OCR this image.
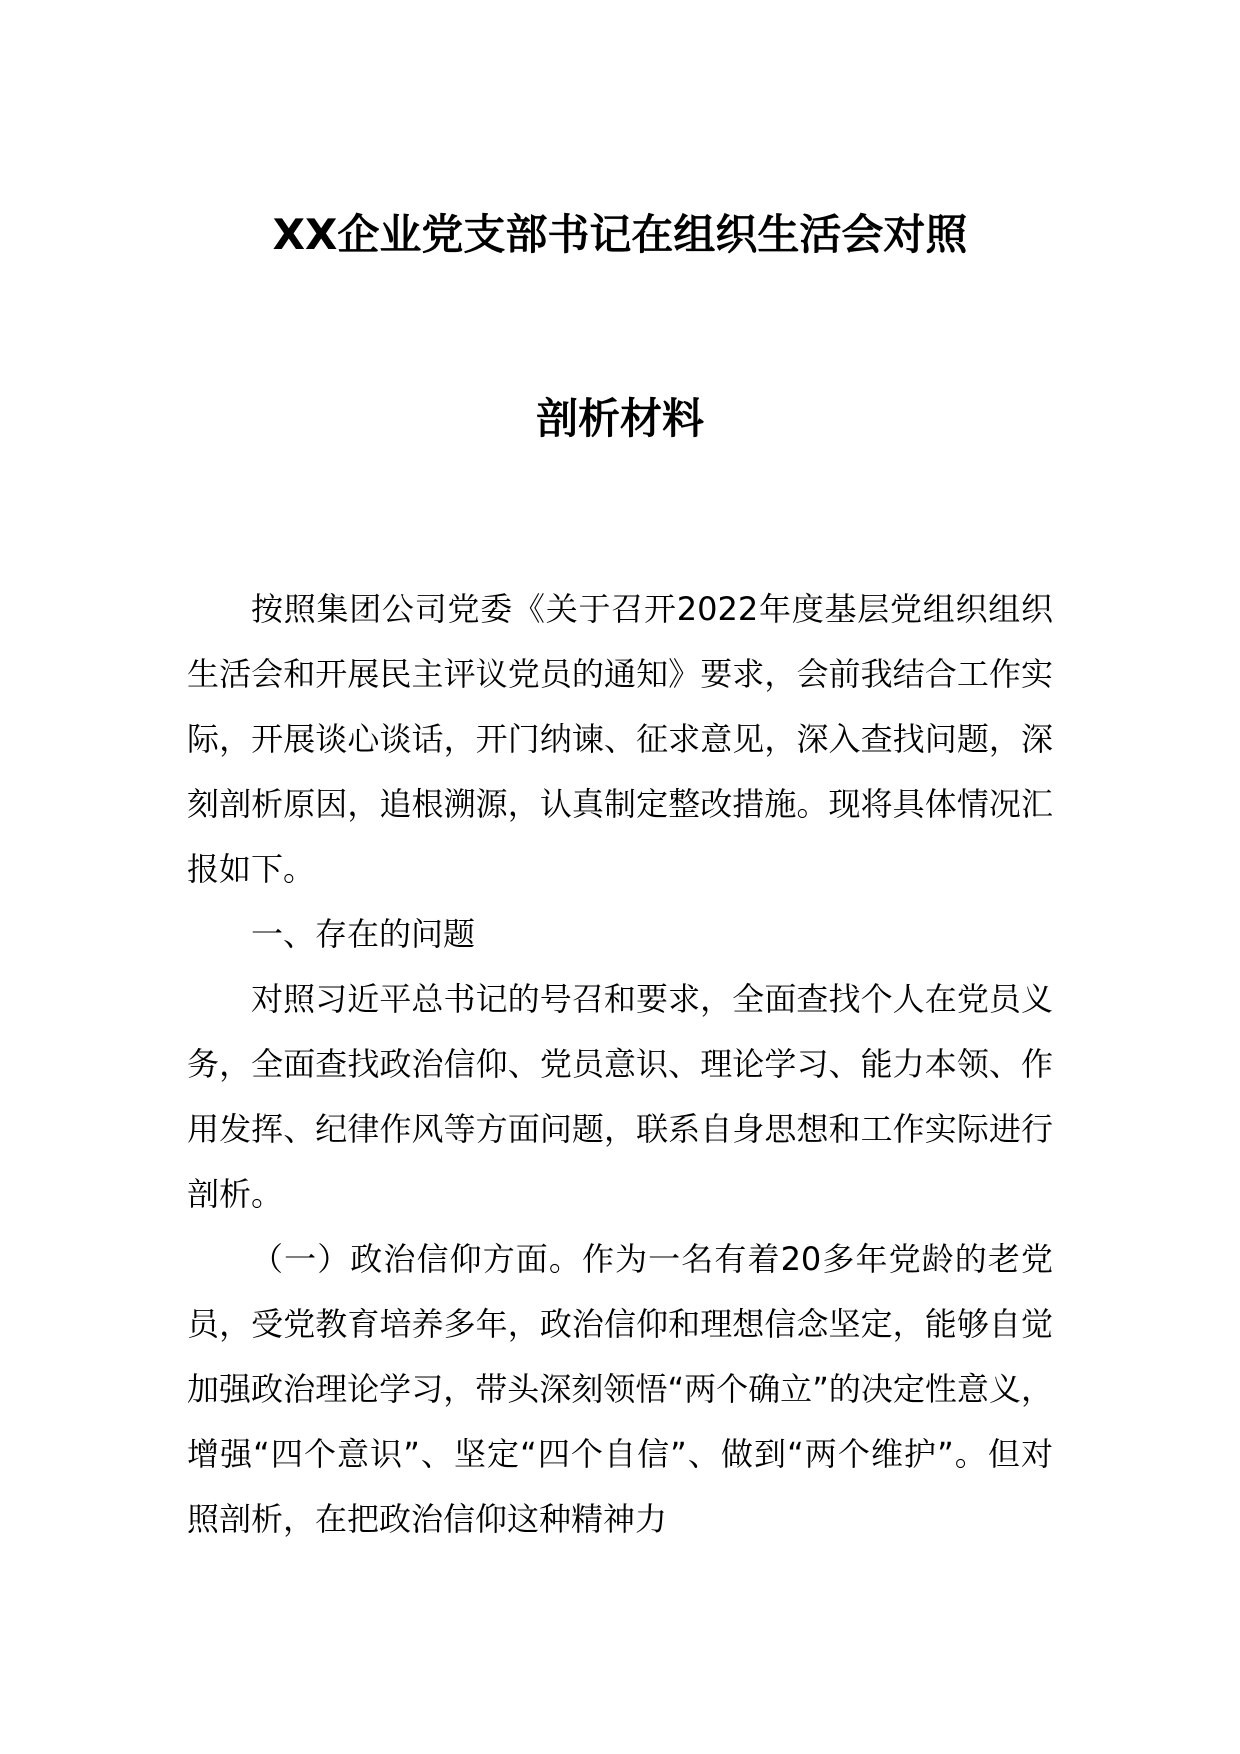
XX企业党支部书记在组织生活会对照
剖析材料

按照集团公司党委《关于召开2022年度基层党组织组织生活会和开展民主评议党员的通知》要求，会前我结合工作实际，开展谈心谈话，开门纳谏、征求意见，深入查找问题，深刻剖析原因，追根溯源，认真制定整改措施。现将具体情况汇报如下。

一、存在的问题

对照习近平总书记的号召和要求，全面查找个人在党员义务，全面查找政治信仰、党员意识、理论学习、能力本领、作用发挥、纪律作风等方面问题，联系自身思想和工作实际进行剖析。

（一）政治信仰方面。作为一名有着20多年党龄的老党员，受党教育培养多年，政治信仰和理想信念坚定，能够自觉加强政治理论学习，带头深刻领悟“两个确立”的决定性意义，增强“四个意识”、坚定“四个自信”、做到“两个维护”。但对照剖析，在把政治信仰这种精神力
